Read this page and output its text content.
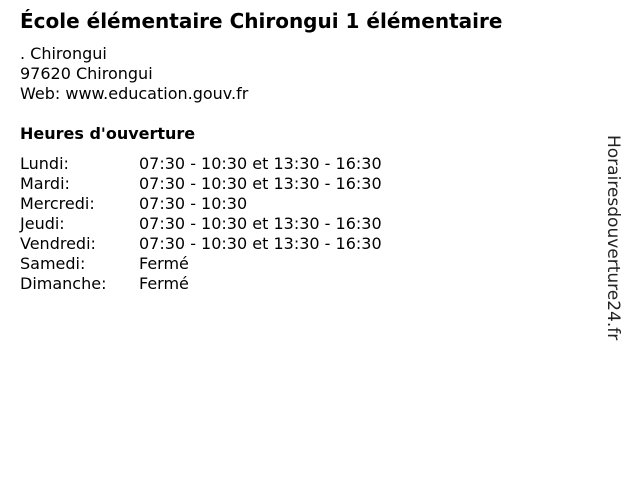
École élémentaire Chirongui 1 élémentaire
. Chirongui
97620 Chirongui
Web: www.education.gouv.fr
Heures d'ouverture
Lundi:	07:30 - 10:30 et 13:30 - 16:30
Mardi:	07:30 - 10:30 et 13:30 - 16:30
Mercredi:	07:30 - 10:30
Jeudi:	07:30 - 10:30 et 13:30 - 16:30
Vendredi:	07:30 - 10:30 et 13:30 - 16:30
Samedi:	Fermé
Dimanche:	Fermé	Horairesdouverture24.fr
